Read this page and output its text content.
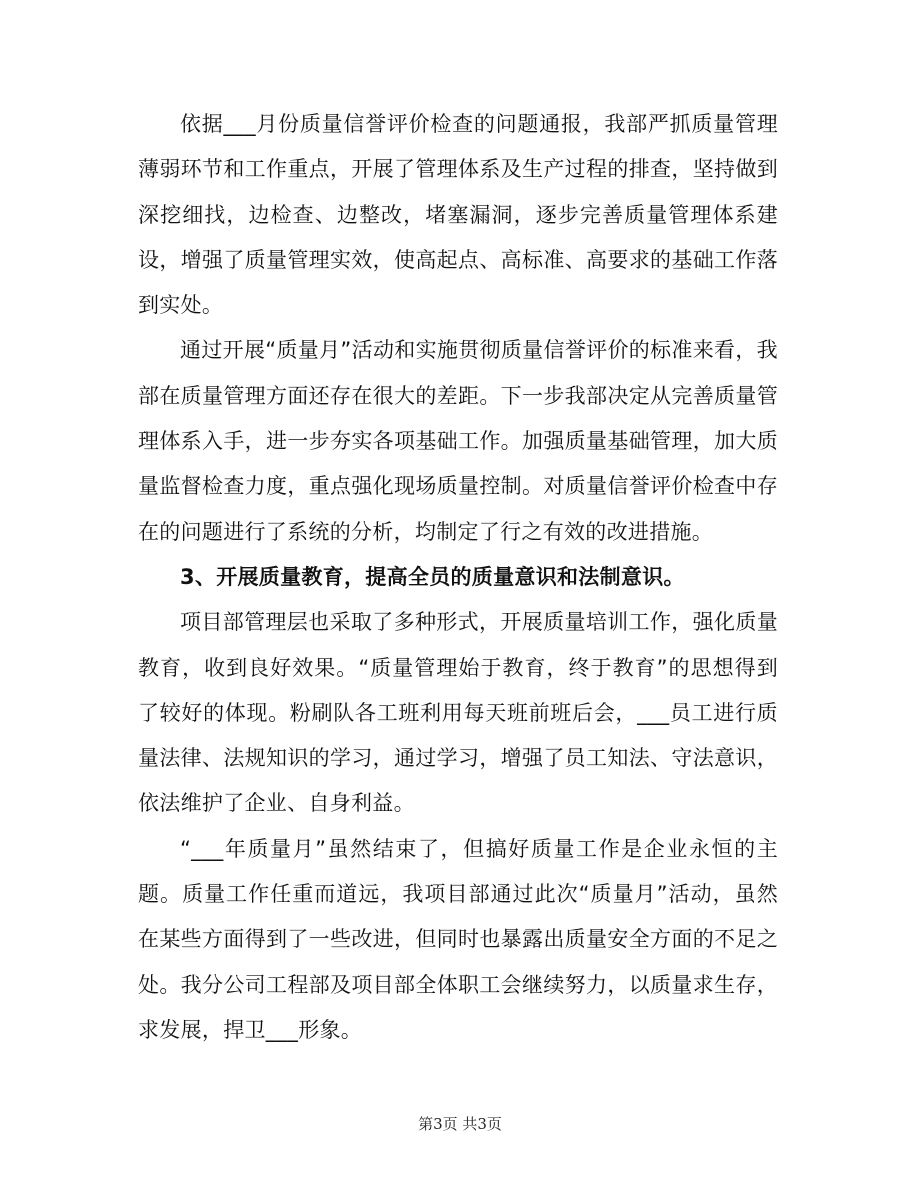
依据___月份质量信誉评价检查的问题通报，我部严抓质量管理薄弱环节和工作重点，开展了管理体系及生产过程的排查，坚持做到深挖细找，边检查、边整改，堵塞漏洞，逐步完善质量管理体系建设，增强了质量管理实效，使高起点、高标准、高要求的基础工作落到实处。

通过开展“质量月”活动和实施贯彻质量信誉评价的标准来看，我部在质量管理方面还存在很大的差距。下一步我部决定从完善质量管理体系入手，进一步夯实各项基础工作。加强质量基础管理，加大质量监督检查力度，重点强化现场质量控制。对质量信誉评价检查中存在的问题进行了系统的分析，均制定了行之有效的改进措施。

3、开展质量教育，提高全员的质量意识和法制意识。

项目部管理层也采取了多种形式，开展质量培训工作，强化质量教育，收到良好效果。“质量管理始于教育，终于教育”的思想得到了较好的体现。粉刷队各工班利用每天班前班后会，___员工进行质量法律、法规知识的学习，通过学习，增强了员工知法、守法意识，依法维护了企业、自身利益。

“___年质量月”虽然结束了，但搞好质量工作是企业永恒的主题。质量工作任重而道远，我项目部通过此次“质量月”活动，虽然在某些方面得到了一些改进，但同时也暴露出质量安全方面的不足之处。我分公司工程部及项目部全体职工会继续努力，以质量求生存，求发展，捍卫___形象。

第3页 共3页
